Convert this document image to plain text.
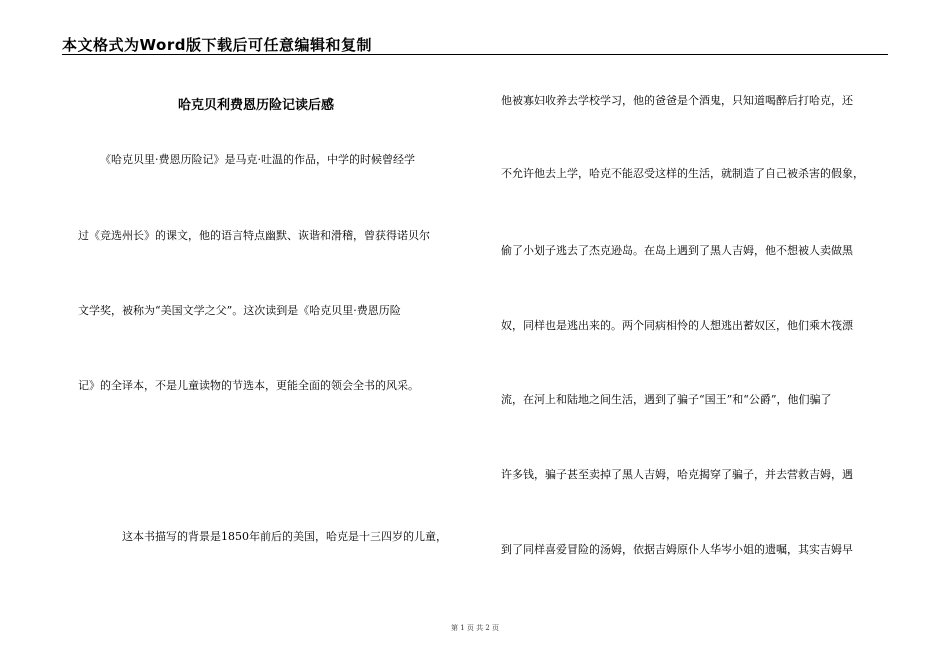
本文格式为Word版下载后可任意编辑和复制
哈克贝利费恩历险记读后感
《哈克贝里·费恩历险记》是马克·吐温的作品，中学的时候曾经学
过《竞选州长》的课文，他的语言特点幽默、诙谐和滑稽，曾获得诺贝尔
文学奖，被称为“美国文学之父”。这次读到是《哈克贝里·费恩历险
记》的全译本，不是儿童读物的节选本，更能全面的领会全书的风采。
这本书描写的背景是1850年前后的美国，哈克是十三四岁的儿童，
他被寡妇收养去学校学习，他的爸爸是个酒鬼，只知道喝醉后打哈克，还
不允许他去上学，哈克不能忍受这样的生活，就制造了自己被杀害的假象，
偷了小划子逃去了杰克逊岛。在岛上遇到了黑人吉姆，他不想被人卖做黑
奴，同样也是逃出来的。两个同病相怜的人想逃出蓄奴区，他们乘木筏漂
流，在河上和陆地之间生活，遇到了骗子“国王”和“公爵”，他们骗了
许多钱，骗子甚至卖掉了黑人吉姆，哈克揭穿了骗子，并去营救吉姆，遇
到了同样喜爱冒险的汤姆，依据吉姆原仆人华岑小姐的遗嘱，其实吉姆早
第 1 页 共 2 页
